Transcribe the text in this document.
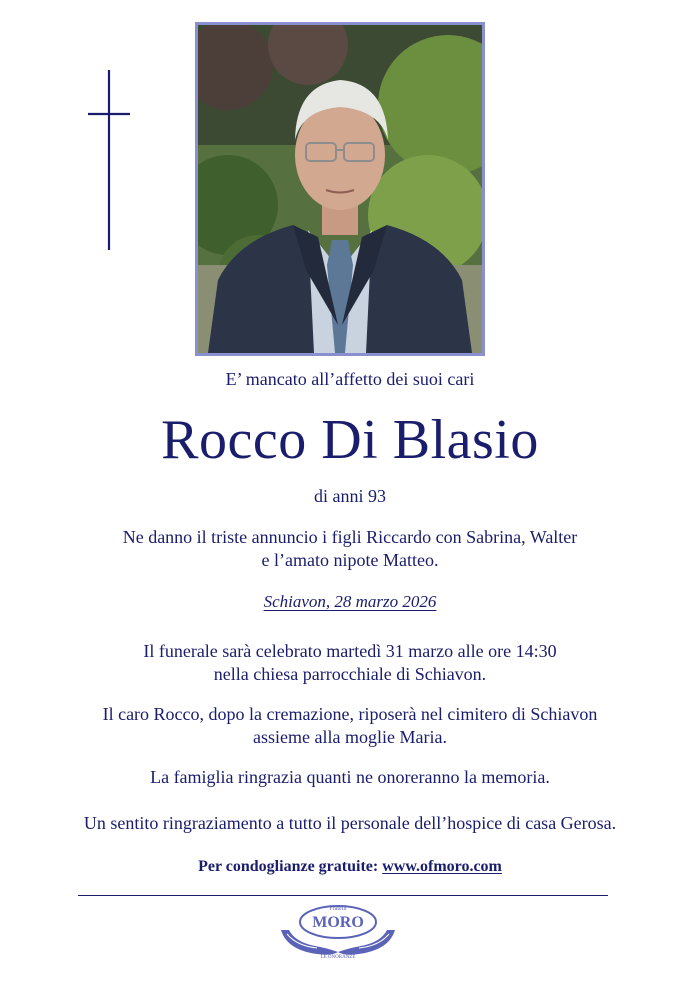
E’ mancato all’affetto dei suoi cari
Rocco Di Blasio
di anni 93
Ne danno il triste annuncio i figli Riccardo con Sabrina, Walter
e l’amato nipote Matteo.
Schiavon, 28 marzo 2026
Il funerale sarà celebrato martedì 31 marzo alle ore 14:30
nella chiesa parrocchiale di Schiavon.
Il caro Rocco, dopo la cremazione, riposerà nel cimitero di Schiavon
assieme alla moglie Maria.
La famiglia ringrazia quanti ne onoreranno la memoria.
Un sentito ringraziamento a tutto il personale dell’hospice di casa Gerosa.
Per condoglianze gratuite: www.ofmoro.com
Fratelli
MORO
LE ONORANZE
